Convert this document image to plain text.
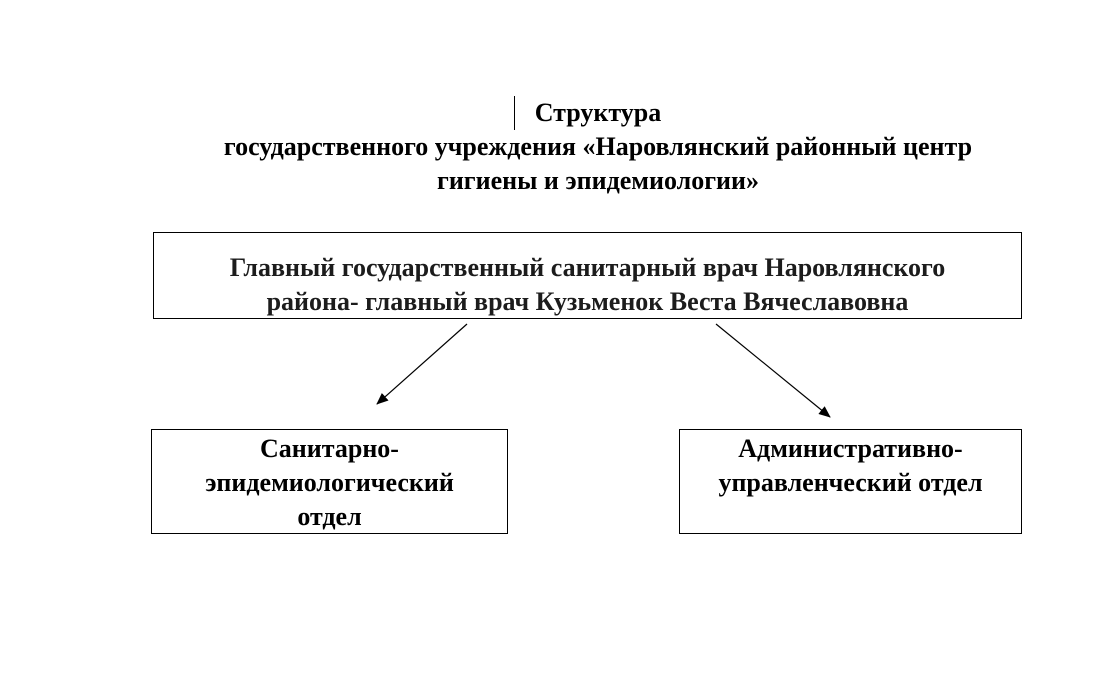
Структура
государственного учреждения «Наровлянский районный центр
гигиены и эпидемиологии»
Главный государственный санитарный врач Наровлянского
района- главный врач Кузьменок Веста Вячеславовна
Санитарно-
эпидемиологический
отдел
Административно-
управленческий отдел
